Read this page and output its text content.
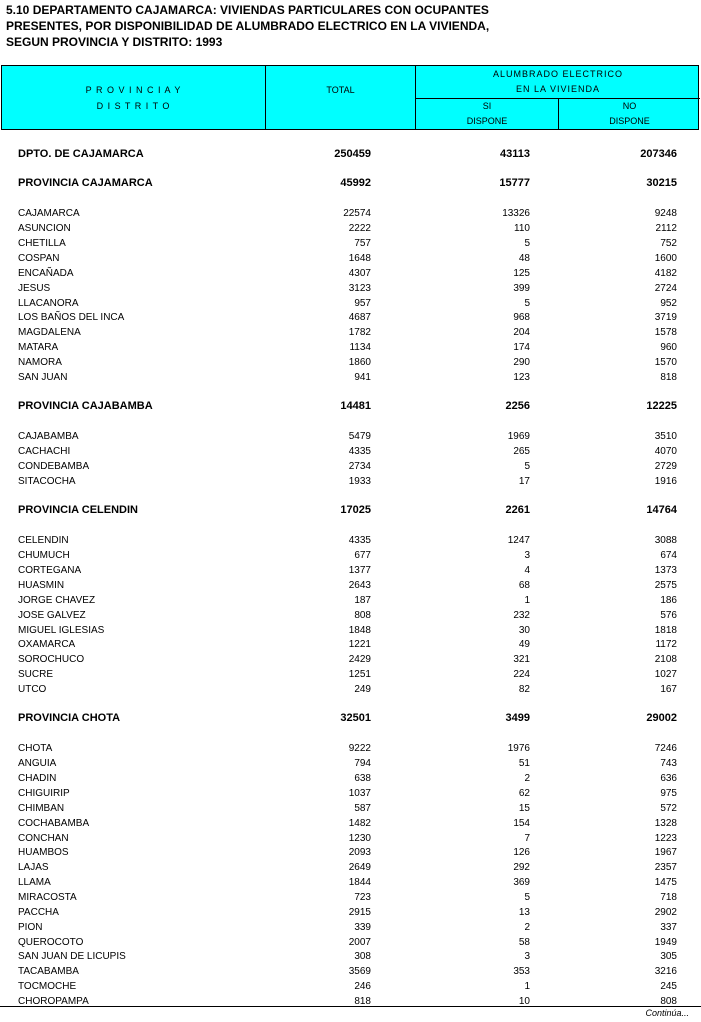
5.10 DEPARTAMENTO CAJAMARCA: VIVIENDAS PARTICULARES CON OCUPANTES
PRESENTES, POR DISPONIBILIDAD DE ALUMBRADO ELECTRICO EN LA VIVIENDA,
SEGUN PROVINCIA Y DISTRITO: 1993
P R O V I N C I A Y
D I S T R I T O
TOTAL
ALUMBRADO ELECTRICO
EN LA VIVIENDA
SI
DISPONE
NO
DISPONE
DPTO. DE CAJAMARCA	250459	43113	207346
PROVINCIA CAJAMARCA	45992	15777	30215
CAJAMARCA	22574	13326	9248
ASUNCION	2222	110	2112
CHETILLA	757	5	752
COSPAN	1648	48	1600
ENCAÑADA	4307	125	4182
JESUS	3123	399	2724
LLACANORA	957	5	952
LOS BAÑOS DEL INCA	4687	968	3719
MAGDALENA	1782	204	1578
MATARA	1134	174	960
NAMORA	1860	290	1570
SAN JUAN	941	123	818
PROVINCIA CAJABAMBA	14481	2256	12225
CAJABAMBA	5479	1969	3510
CACHACHI	4335	265	4070
CONDEBAMBA	2734	5	2729
SITACOCHA	1933	17	1916
PROVINCIA CELENDIN	17025	2261	14764
CELENDIN	4335	1247	3088
CHUMUCH	677	3	674
CORTEGANA	1377	4	1373
HUASMIN	2643	68	2575
JORGE CHAVEZ	187	1	186
JOSE GALVEZ	808	232	576
MIGUEL IGLESIAS	1848	30	1818
OXAMARCA	1221	49	1172
SOROCHUCO	2429	321	2108
SUCRE	1251	224	1027
UTCO	249	82	167
PROVINCIA CHOTA	32501	3499	29002
CHOTA	9222	1976	7246
ANGUIA	794	51	743
CHADIN	638	2	636
CHIGUIRIP	1037	62	975
CHIMBAN	587	15	572
COCHABAMBA	1482	154	1328
CONCHAN	1230	7	1223
HUAMBOS	2093	126	1967
LAJAS	2649	292	2357
LLAMA	1844	369	1475
MIRACOSTA	723	5	718
PACCHA	2915	13	2902
PION	339	2	337
QUEROCOTO	2007	58	1949
SAN JUAN DE LICUPIS	308	3	305
TACABAMBA	3569	353	3216
TOCMOCHE	246	1	245
CHOROPAMPA	818	10	808
Continúa...
